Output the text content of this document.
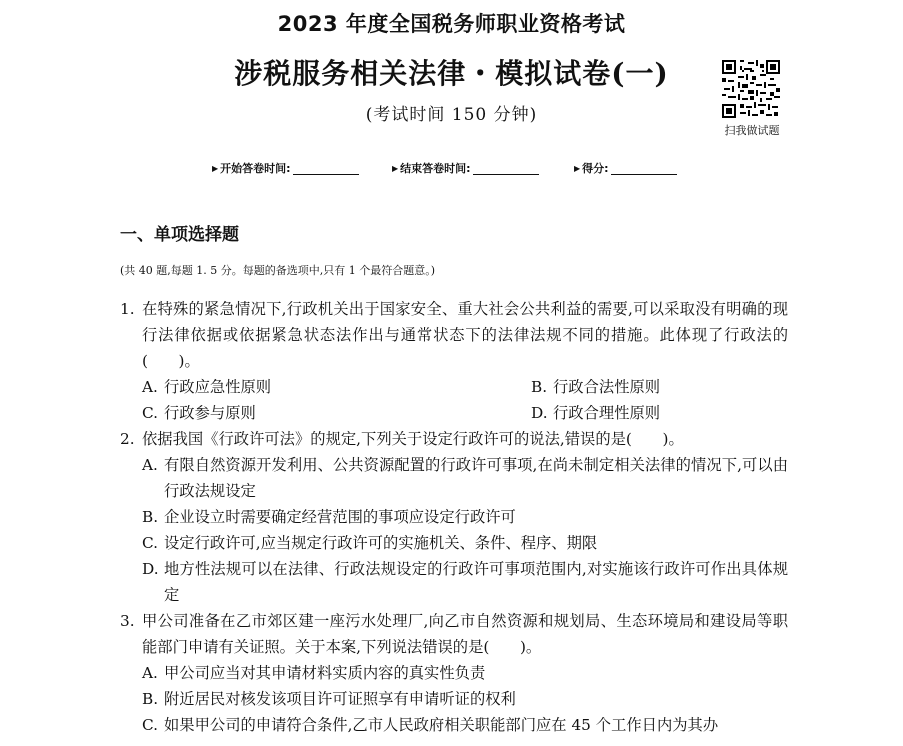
2023 年度全国税务师职业资格考试
涉税服务相关法律・模拟试卷(一)
(考试时间 150 分钟)
扫我做试题
▶ 开始答卷时间:	▶ 结束答卷时间:	▶ 得分:
一、单项选择题
(共 40 题,每题 1. 5 分。每题的备选项中,只有 1 个最符合题意。)
1. 在特殊的紧急情况下,行政机关出于国家安全、重大社会公共利益的需要,可以采取没有明确的现行法律依据或依据紧急状态法作出与通常状态下的法律法规不同的措施。此体现了行政法的(　　)。
A. 行政应急性原则	B. 行政合法性原则
C. 行政参与原则	D. 行政合理性原则
2. 依据我国《行政许可法》的规定,下列关于设定行政许可的说法,错误的是(　　)。
A. 有限自然资源开发利用、公共资源配置的行政许可事项,在尚未制定相关法律的情况下,可以由行政法规设定
B. 企业设立时需要确定经营范围的事项应设定行政许可
C. 设定行政许可,应当规定行政许可的实施机关、条件、程序、期限
D. 地方性法规可以在法律、行政法规设定的行政许可事项范围内,对实施该行政许可作出具体规定
3. 甲公司准备在乙市郊区建一座污水处理厂,向乙市自然资源和规划局、生态环境局和建设局等职能部门申请有关证照。关于本案,下列说法错误的是(　　)。
A. 甲公司应当对其申请材料实质内容的真实性负责
B. 附近居民对核发该项目许可证照享有申请听证的权利
C. 如果甲公司的申请符合条件,乙市人民政府相关职能部门应在 45 个工作日内为其办
